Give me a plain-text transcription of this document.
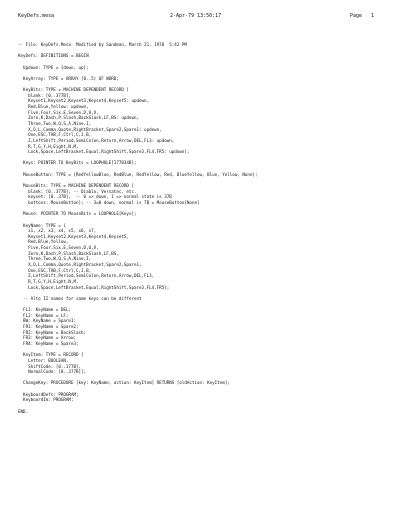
KeyDefs.mesa	2-Apr-79 13:50:17	Page   1
-- File: KeyDefs.Mesa  Modified by Sandman, March 21, 1978  5:42 PM
KeyDefs: DEFINITIONS = BEGIN
Updown: TYPE = {down, up};
KeyArray: TYPE = ARRAY [0..5) OF WORD;
KeyBits: TYPE = MACHINE DEPENDENT RECORD [
blank: [0..377B],
Keyset1,Keyset2,Keyset3,Keyset4,Keyset5: updown,
Red,Blue,Yellow: updown,
Five,Four,Six,E,Seven,D,U,V,
Zero,K,Dash,P,Slash,BackSlash,LF,BS: updown,
Three,Two,W,Q,S,A,Nine,I,
X,O,L,Comma,Quote,RightBracket,Spare2,Spare1: updown,
One,ESC,TAB,F,Ctrl,C,J,B,
Z,LeftShift,Period,SemiColon,Return,Arrow,DEL,FL3: updown,
R,T,G,Y,H,Eight,N,M,
Lock,Space,LeftBracket,Equal,RightShift,Spare3,FL4,FR5: updown];
Keys: POINTER TO KeyBits = LOOPHOLE[177034B];
MouseButton: TYPE = {RedYellowBlue, RedBlue, RedYellow, Red, BlueYellow, Blue, Yellow, None};
MouseBits: TYPE = MACHINE DEPENDENT RECORD [
blank: [0..377B], -- Diablo, Versatec, etc.
keyset: [0..37B],  -- 0 => down, 1 => normal state is 37B
buttons: MouseButton]; -- 3=0 down, normal is 7B = MouseButton[None]
Mouse: POINTER TO MouseBits = LOOPHOLE[Keys];
KeyName: TYPE = {
x1, x2, x3, x4, x5, x6, x7,
Keyset1,Keyset2,Keyset3,Keyset4,Keyset5,
Red,Blue,Yellow,
Five,Four,Six,E,Seven,D,U,V,
Zero,K,Dash,P,Slash,BackSlash,LF,BS,
Three,Two,W,Q,S,A,Nine,I,
X,O,L,Comma,Quote,RightBracket,Spare2,Spare1,
One,ESC,TAB,F,Ctrl,C,J,B,
Z,LeftShift,Period,SemiColon,Return,Arrow,DEL,FL3,
R,T,G,Y,H,Eight,N,M,
Lock,Space,LeftBracket,Equal,RightShift,Spare3,FL4,FR5};
-- Alto II names for same keys can be different
FL1: KeyName = DEL;
FL2: KeyName = LF;
BW: KeyName = Spare1;
FR1: KeyName = Spare2;
FR2: KeyName = BackSlash;
FR3: KeyName = Arrow;
FR4: KeyName = Spare3;
KeyItem: TYPE = RECORD [
Letter: BOOLEAN,
ShiftCode: [0..177B],
NormalCode: [0..377B]];
ChangeKey: PROCEDURE [key: KeyName, action: KeyItem] RETURNS [oldAction: KeyItem];
KeyboardDefs: PROGRAM;
KeyboardIm: PROGRAM;
END.
